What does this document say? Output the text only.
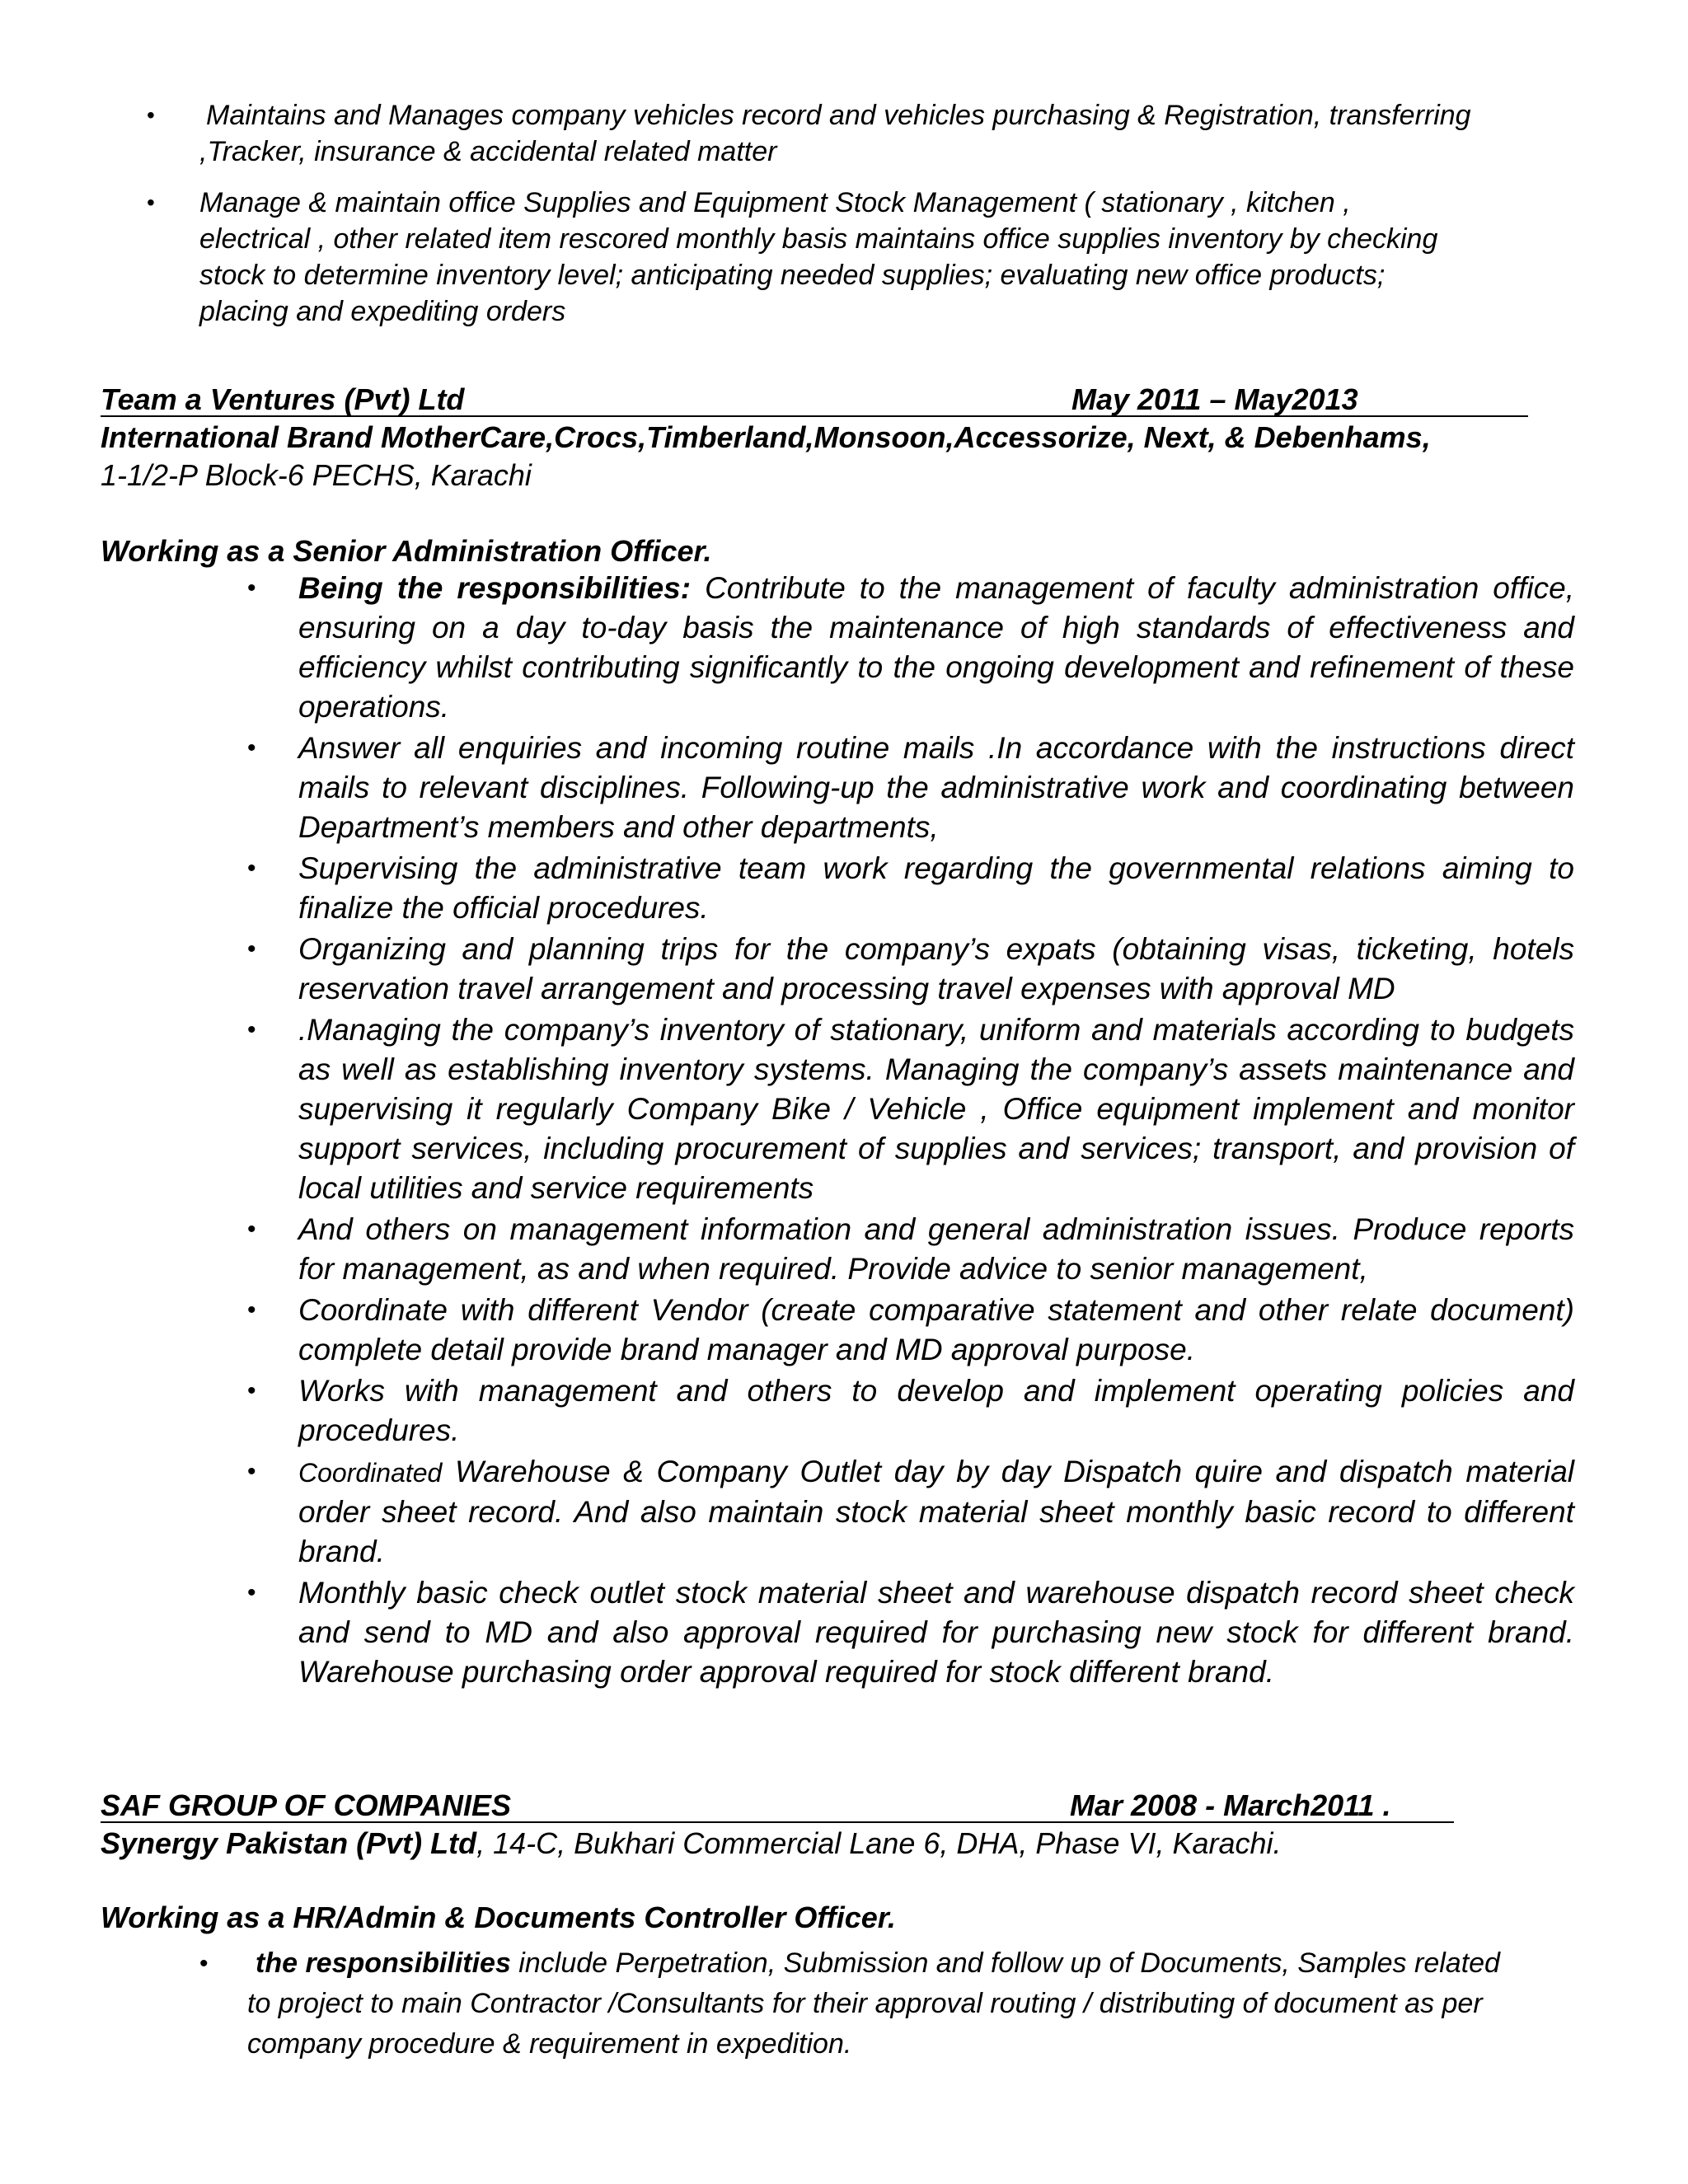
• Maintains and Manages company vehicles record and vehicles purchasing & Registration, transferring
,Tracker, insurance & accidental related matter
• Manage & maintain office Supplies and Equipment Stock Management ( stationary , kitchen ,
electrical , other related item rescored monthly basis maintains office supplies inventory by checking
stock to determine inventory level; anticipating needed supplies; evaluating new office products;
placing and expediting orders
Team a Ventures (Pvt) Ltd	May 2011 – May2013
International Brand MotherCare,Crocs,Timberland,Monsoon,Accessorize, Next, & Debenhams,
1-1/2-P Block-6 PECHS, Karachi
Working as a Senior Administration Officer.
• Being the responsibilities: Contribute to the management of faculty administration office, ensuring on a day to-day basis the maintenance of high standards of effectiveness and efficiency whilst contributing significantly to the ongoing development and refinement of these operations.
• Answer all enquiries and incoming routine mails .In accordance with the instructions direct mails to relevant disciplines. Following-up the administrative work and coordinating between Department’s members and other departments,
• Supervising the administrative team work regarding the governmental relations aiming to finalize the official procedures.
• Organizing and planning trips for the company’s expats (obtaining visas, ticketing, hotels reservation travel arrangement and processing travel expenses with approval MD
• .Managing the company’s inventory of stationary, uniform and materials according to budgets as well as establishing inventory systems. Managing the company’s assets maintenance and supervising it regularly Company Bike / Vehicle , Office equipment implement and monitor support services, including procurement of supplies and services; transport, and provision of local utilities and service requirements
• And others on management information and general administration issues. Produce reports for management, as and when required. Provide advice to senior management,
• Coordinate with different Vendor (create comparative statement and other relate document) complete detail provide brand manager and MD approval purpose.
• Works with management and others to develop and implement operating policies and procedures.
• Coordinated Warehouse & Company Outlet day by day Dispatch quire and dispatch material order sheet record. And also maintain stock material sheet monthly basic record to different brand.
• Monthly basic check outlet stock material sheet and warehouse dispatch record sheet check and send to MD and also approval required for purchasing new stock for different brand. Warehouse purchasing order approval required for stock different brand.
SAF GROUP OF COMPANIES	Mar 2008 - March2011 .
Synergy Pakistan (Pvt) Ltd, 14-C, Bukhari Commercial Lane 6, DHA, Phase VI, Karachi.
Working as a HR/Admin & Documents Controller Officer.
• the responsibilities include Perpetration, Submission and follow up of Documents, Samples related to project to main Contractor /Consultants for their approval routing / distributing of document as per company procedure & requirement in expedition.
